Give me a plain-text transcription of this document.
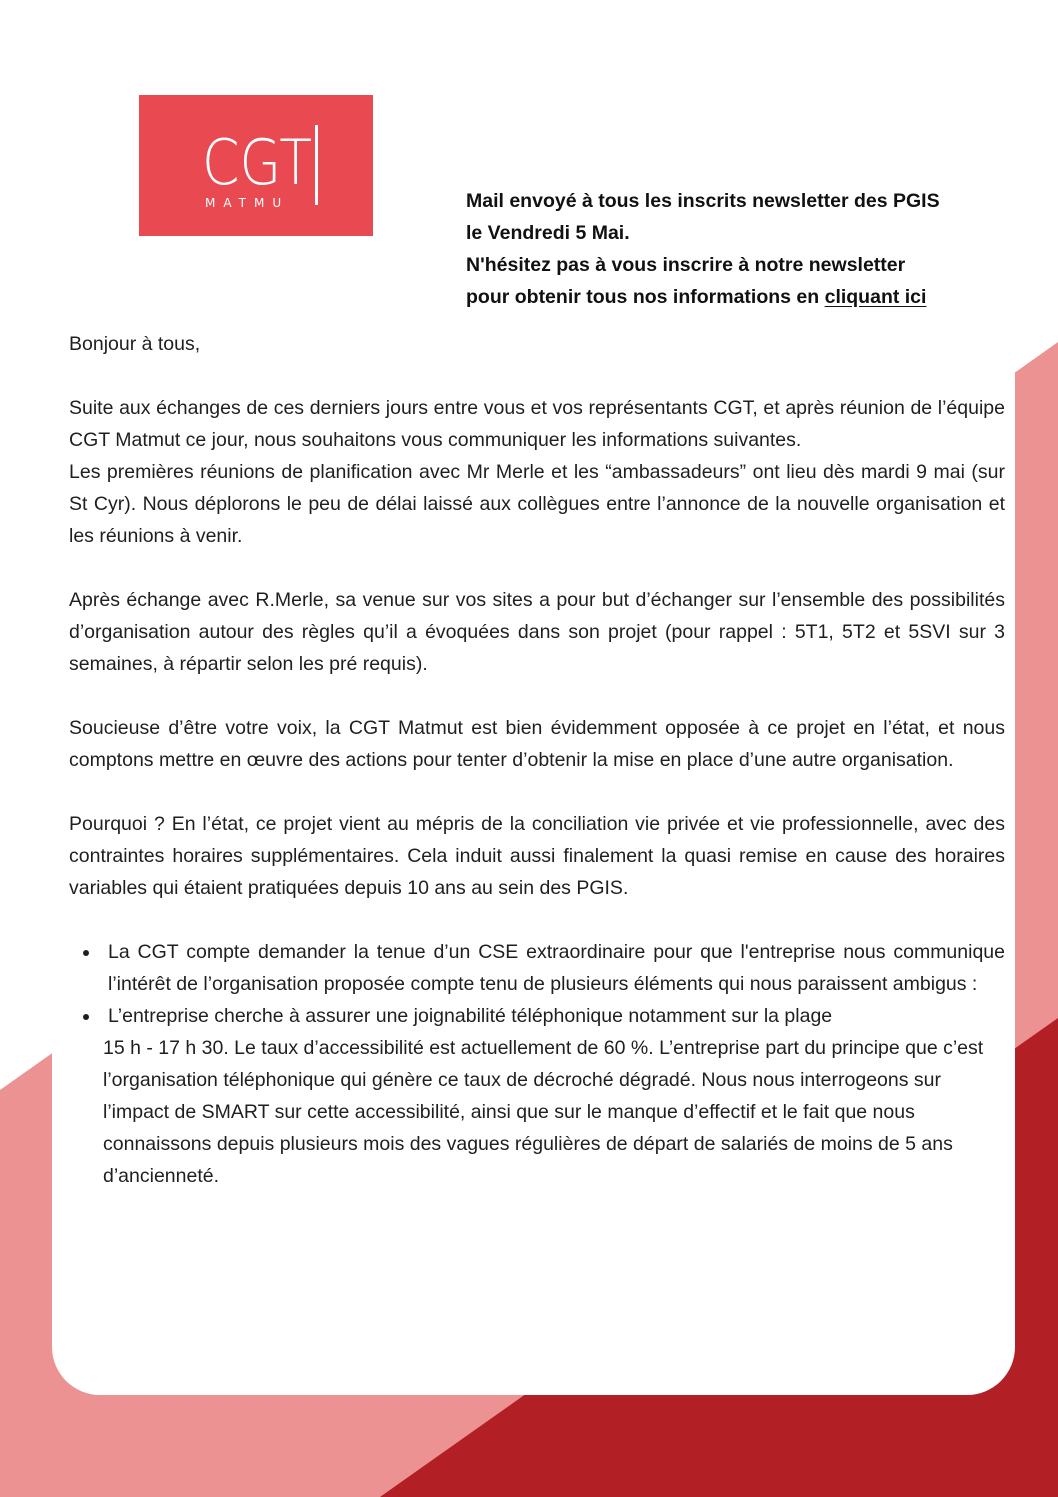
CGT
MATMU	Mail envoyé à tous les inscrits newsletter des PGIS
le Vendredi 5 Mai.
N'hésitez pas à vous inscrire à notre newsletter
pour obtenir tous nos informations en cliquant ici

Bonjour à tous,

Suite aux échanges de ces derniers jours entre vous et vos représentants CGT, et après réunion de l’équipe CGT Matmut ce jour, nous souhaitons vous communiquer les informations suivantes.

Les premières réunions de planification avec Mr Merle et les “ambassadeurs” ont lieu dès mardi 9 mai (sur St Cyr). Nous déplorons le peu de délai laissé aux collègues entre l’annonce de la nouvelle organisation et les réunions à venir.

Après échange avec R.Merle, sa venue sur vos sites a pour but d’échanger sur l’ensemble des possibilités d’organisation autour des règles qu’il a évoquées dans son projet (pour rappel : 5T1, 5T2 et 5SVI sur 3 semaines, à répartir selon les pré requis).

Soucieuse d’être votre voix, la CGT Matmut est bien évidemment opposée à ce projet en l’état, et nous comptons mettre en œuvre des actions pour tenter d’obtenir la mise en place d’une autre organisation.

Pourquoi ? En l’état, ce projet vient au mépris de la conciliation vie privée et vie professionnelle, avec des contraintes horaires supplémentaires. Cela induit aussi finalement la quasi remise en cause des horaires variables qui étaient pratiquées depuis 10 ans au sein des PGIS.

La CGT compte demander la tenue d’un CSE extraordinaire pour que l'entreprise nous communique l’intérêt de l’organisation proposée compte tenu de plusieurs éléments qui nous paraissent ambigus :
L’entreprise cherche à assurer une joignabilité téléphonique notamment sur la plage
15 h - 17 h 30. Le taux d’accessibilité est actuellement de 60 %. L’entreprise part du principe que c’est l’organisation téléphonique qui génère ce taux de décroché dégradé. Nous nous interrogeons sur l’impact de SMART sur cette accessibilité, ainsi que sur le manque d’effectif et le fait que nous connaissons depuis plusieurs mois des vagues régulières de départ de salariés de moins de 5 ans d’ancienneté.
